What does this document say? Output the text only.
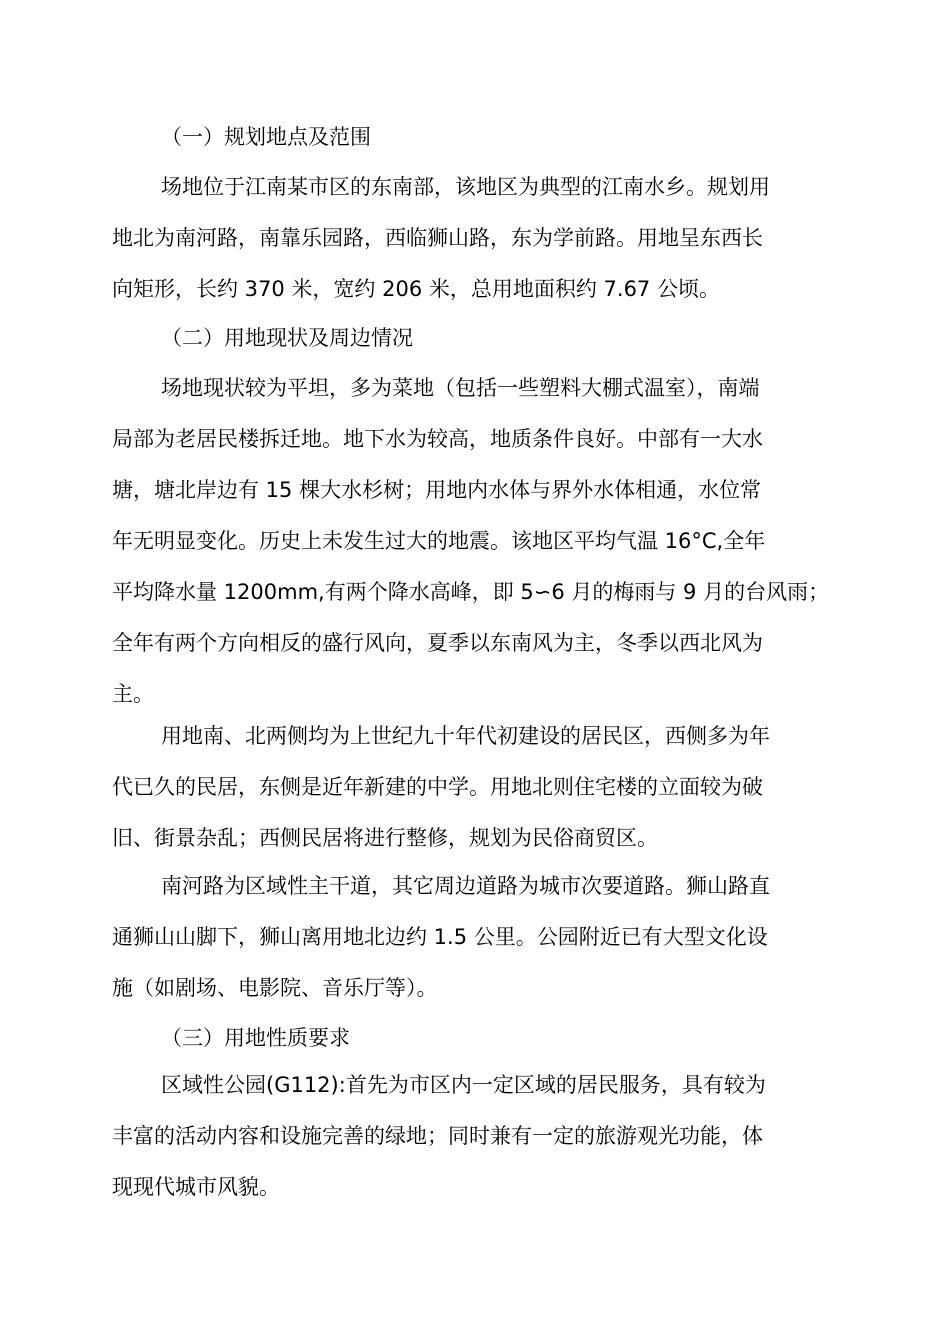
（一）规划地点及范围
场地位于江南某市区的东南部，该地区为典型的江南水乡。规划用
地北为南河路，南靠乐园路，西临狮山路，东为学前路。用地呈东西长
向矩形，长约 370 米，宽约 206 米，总用地面积约 7.67 公顷。
（二）用地现状及周边情况
场地现状较为平坦，多为菜地（包括一些塑料大棚式温室），南端
局部为老居民楼拆迁地。地下水为较高，地质条件良好。中部有一大水
塘，塘北岸边有 15 棵大水杉树；用地内水体与界外水体相通，水位常
年无明显变化。历史上未发生过大的地震。该地区平均气温 16°C,全年
平均降水量 1200mm,有两个降水高峰，即 5∽6 月的梅雨与 9 月的台风雨；
全年有两个方向相反的盛行风向，夏季以东南风为主，冬季以西北风为
主。
用地南、北两侧均为上世纪九十年代初建设的居民区，西侧多为年
代已久的民居，东侧是近年新建的中学。用地北则住宅楼的立面较为破
旧、街景杂乱；西侧民居将进行整修，规划为民俗商贸区。
南河路为区域性主干道，其它周边道路为城市次要道路。狮山路直
通狮山山脚下，狮山离用地北边约 1.5 公里。公园附近已有大型文化设
施（如剧场、电影院、音乐厅等）。
（三）用地性质要求
区域性公园(G112):首先为市区内一定区域的居民服务，具有较为
丰富的活动内容和设施完善的绿地；同时兼有一定的旅游观光功能，体
现现代城市风貌。
